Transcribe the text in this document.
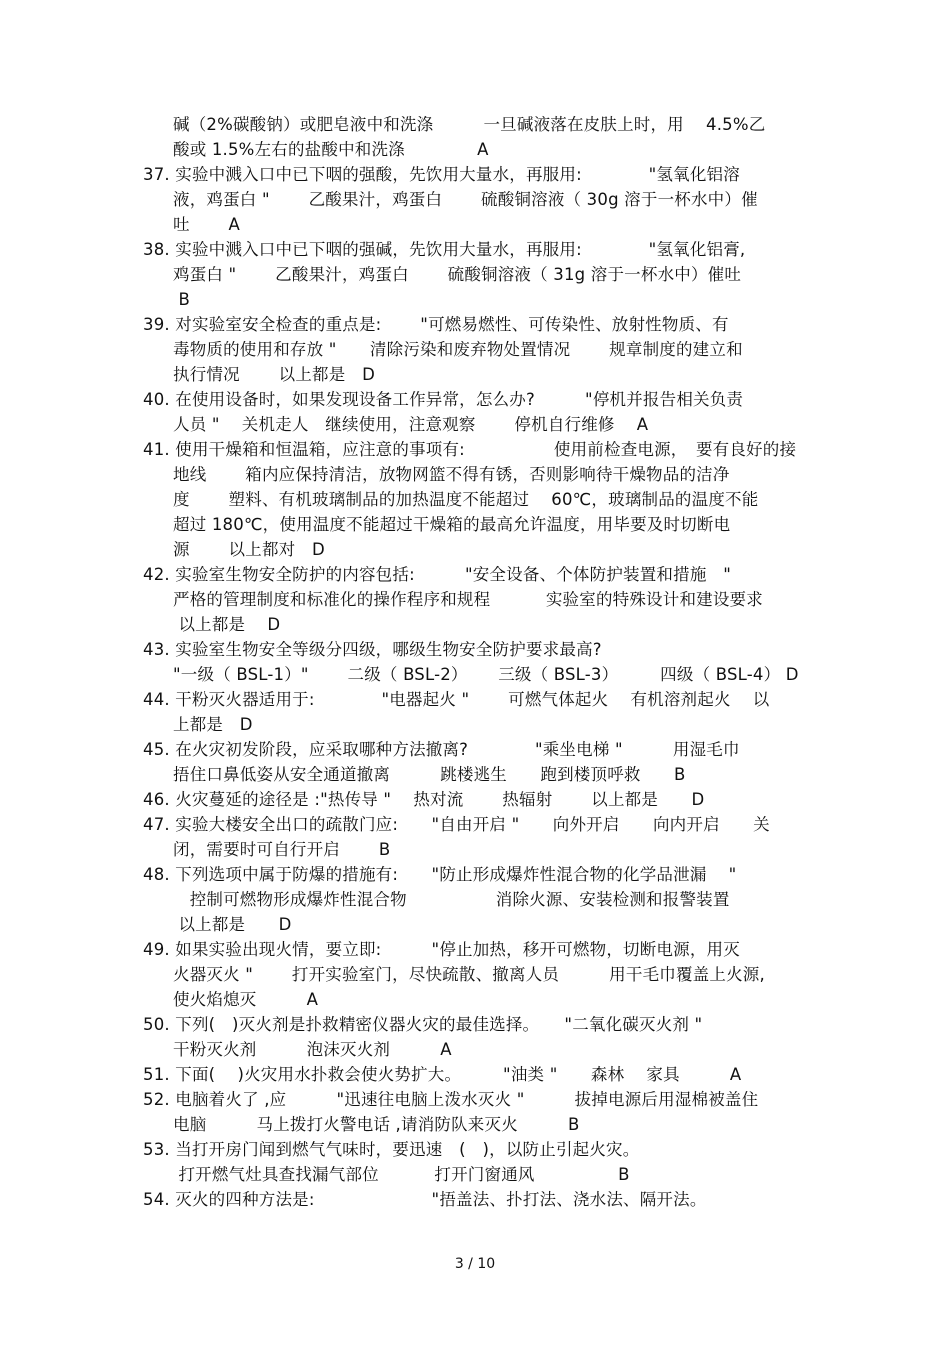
碱（2%碳酸钠）或肥皂液中和洗涤　　　一旦碱液落在皮肤上时，用　 4.5%乙
酸或 1.5%左右的盐酸中和洗涤　　　　 A
37. 实验中溅入口中已下咽的强酸，先饮用大量水，再服用:　　　　"氢氧化铝溶
液，鸡蛋白 "　　 乙酸果汁，鸡蛋白　　 硫酸铜溶液（ 30g 溶于一杯水中）催
吐　　 A
38. 实验中溅入口中已下咽的强碱，先饮用大量水，再服用:　　　　"氢氧化铝膏,
鸡蛋白 "　　 乙酸果汁，鸡蛋白　　 硫酸铜溶液（ 31g 溶于一杯水中）催吐
B
39. 对实验室安全检查的重点是:　　 "可燃易燃性、可传染性、放射性物质、有
毒物质的使用和存放 "　　清除污染和废弃物处置情况　　 规章制度的建立和
执行情况　　 以上都是　D
40. 在使用设备时，如果发现设备工作异常，怎么办?　　　"停机并报告相关负责
人员 "　 关机走人　继续使用，注意观察　　 停机自行维修　 A
41. 使用干燥箱和恒温箱，应注意的事项有:　　　　　 使用前检查电源，　要有良好的接
地线　　 箱内应保持清洁，放物网篮不得有锈，否则影响待干燥物品的洁净
度　　 塑料、有机玻璃制品的加热温度不能超过　 60℃，玻璃制品的温度不能
超过 180℃，使用温度不能超过干燥箱的最高允许温度，用毕要及时切断电
源　　 以上都对　D
42. 实验室生物安全防护的内容包括:　　　"安全设备、个体防护装置和措施　"
严格的管理制度和标准化的操作程序和规程　　　 实验室的特殊设计和建设要求
以上都是　 D
43. 实验室生物安全等级分四级，哪级生物安全防护要求最高?
"一级（ BSL-1）"　　 二级（ BSL-2）　　 三级（ BSL-3）　　　四级（ BSL-4） D
44. 干粉灭火器适用于:　　　　"电器起火 "　　 可燃气体起火　 有机溶剂起火　 以
上都是　D
45. 在火灾初发阶段，应采取哪种方法撤离?　　　　"乘坐电梯 "　　　用湿毛巾
捂住口鼻低姿从安全通道撤离　　　跳楼逃生　　跑到楼顶呼救　　B
46. 火灾蔓延的途径是 :"热传导 "　 热对流　　 热辐射　　 以上都是　　D
47. 实验大楼安全出口的疏散门应:　　"自由开启 "　　向外开启　　向内开启　　关
闭，需要时可自行开启　　 B
48. 下列选项中属于防爆的措施有:　　"防止形成爆炸性混合物的化学品泄漏　 "
　控制可燃物形成爆炸性混合物　　　　　 消除火源、安装检测和报警装置
以上都是　　D
49. 如果实验出现火情，要立即:　　　"停止加热，移开可燃物，切断电源，用灭
火器灭火 "　　 打开实验室门，尽快疏散、撤离人员　　　用干毛巾覆盖上火源,
使火焰熄灭　　　A
50. 下列(　)灭火剂是扑救精密仪器火灾的最佳选择。　　"二氧化碳灭火剂 "
干粉灭火剂　　　泡沫灭火剂　　　A
51. 下面(　 )火灾用水扑救会使火势扩大。　　　"油类 "　　森林　 家具　　　A
52. 电脑着火了 ,应　　　"迅速往电脑上泼水灭火 "　　　拔掉电源后用湿棉被盖住
电脑　　　马上拨打火警电话 ,请消防队来灭火　　　B
53. 当打开房门闻到燃气气味时，要迅速　(　)，以防止引起火灾。
打开燃气灶具查找漏气部位　　　 打开门窗通风　　　　　B
54. 灭火的四种方法是:　　　　　　　"捂盖法、扑打法、浇水法、隔开法。
3 / 10
